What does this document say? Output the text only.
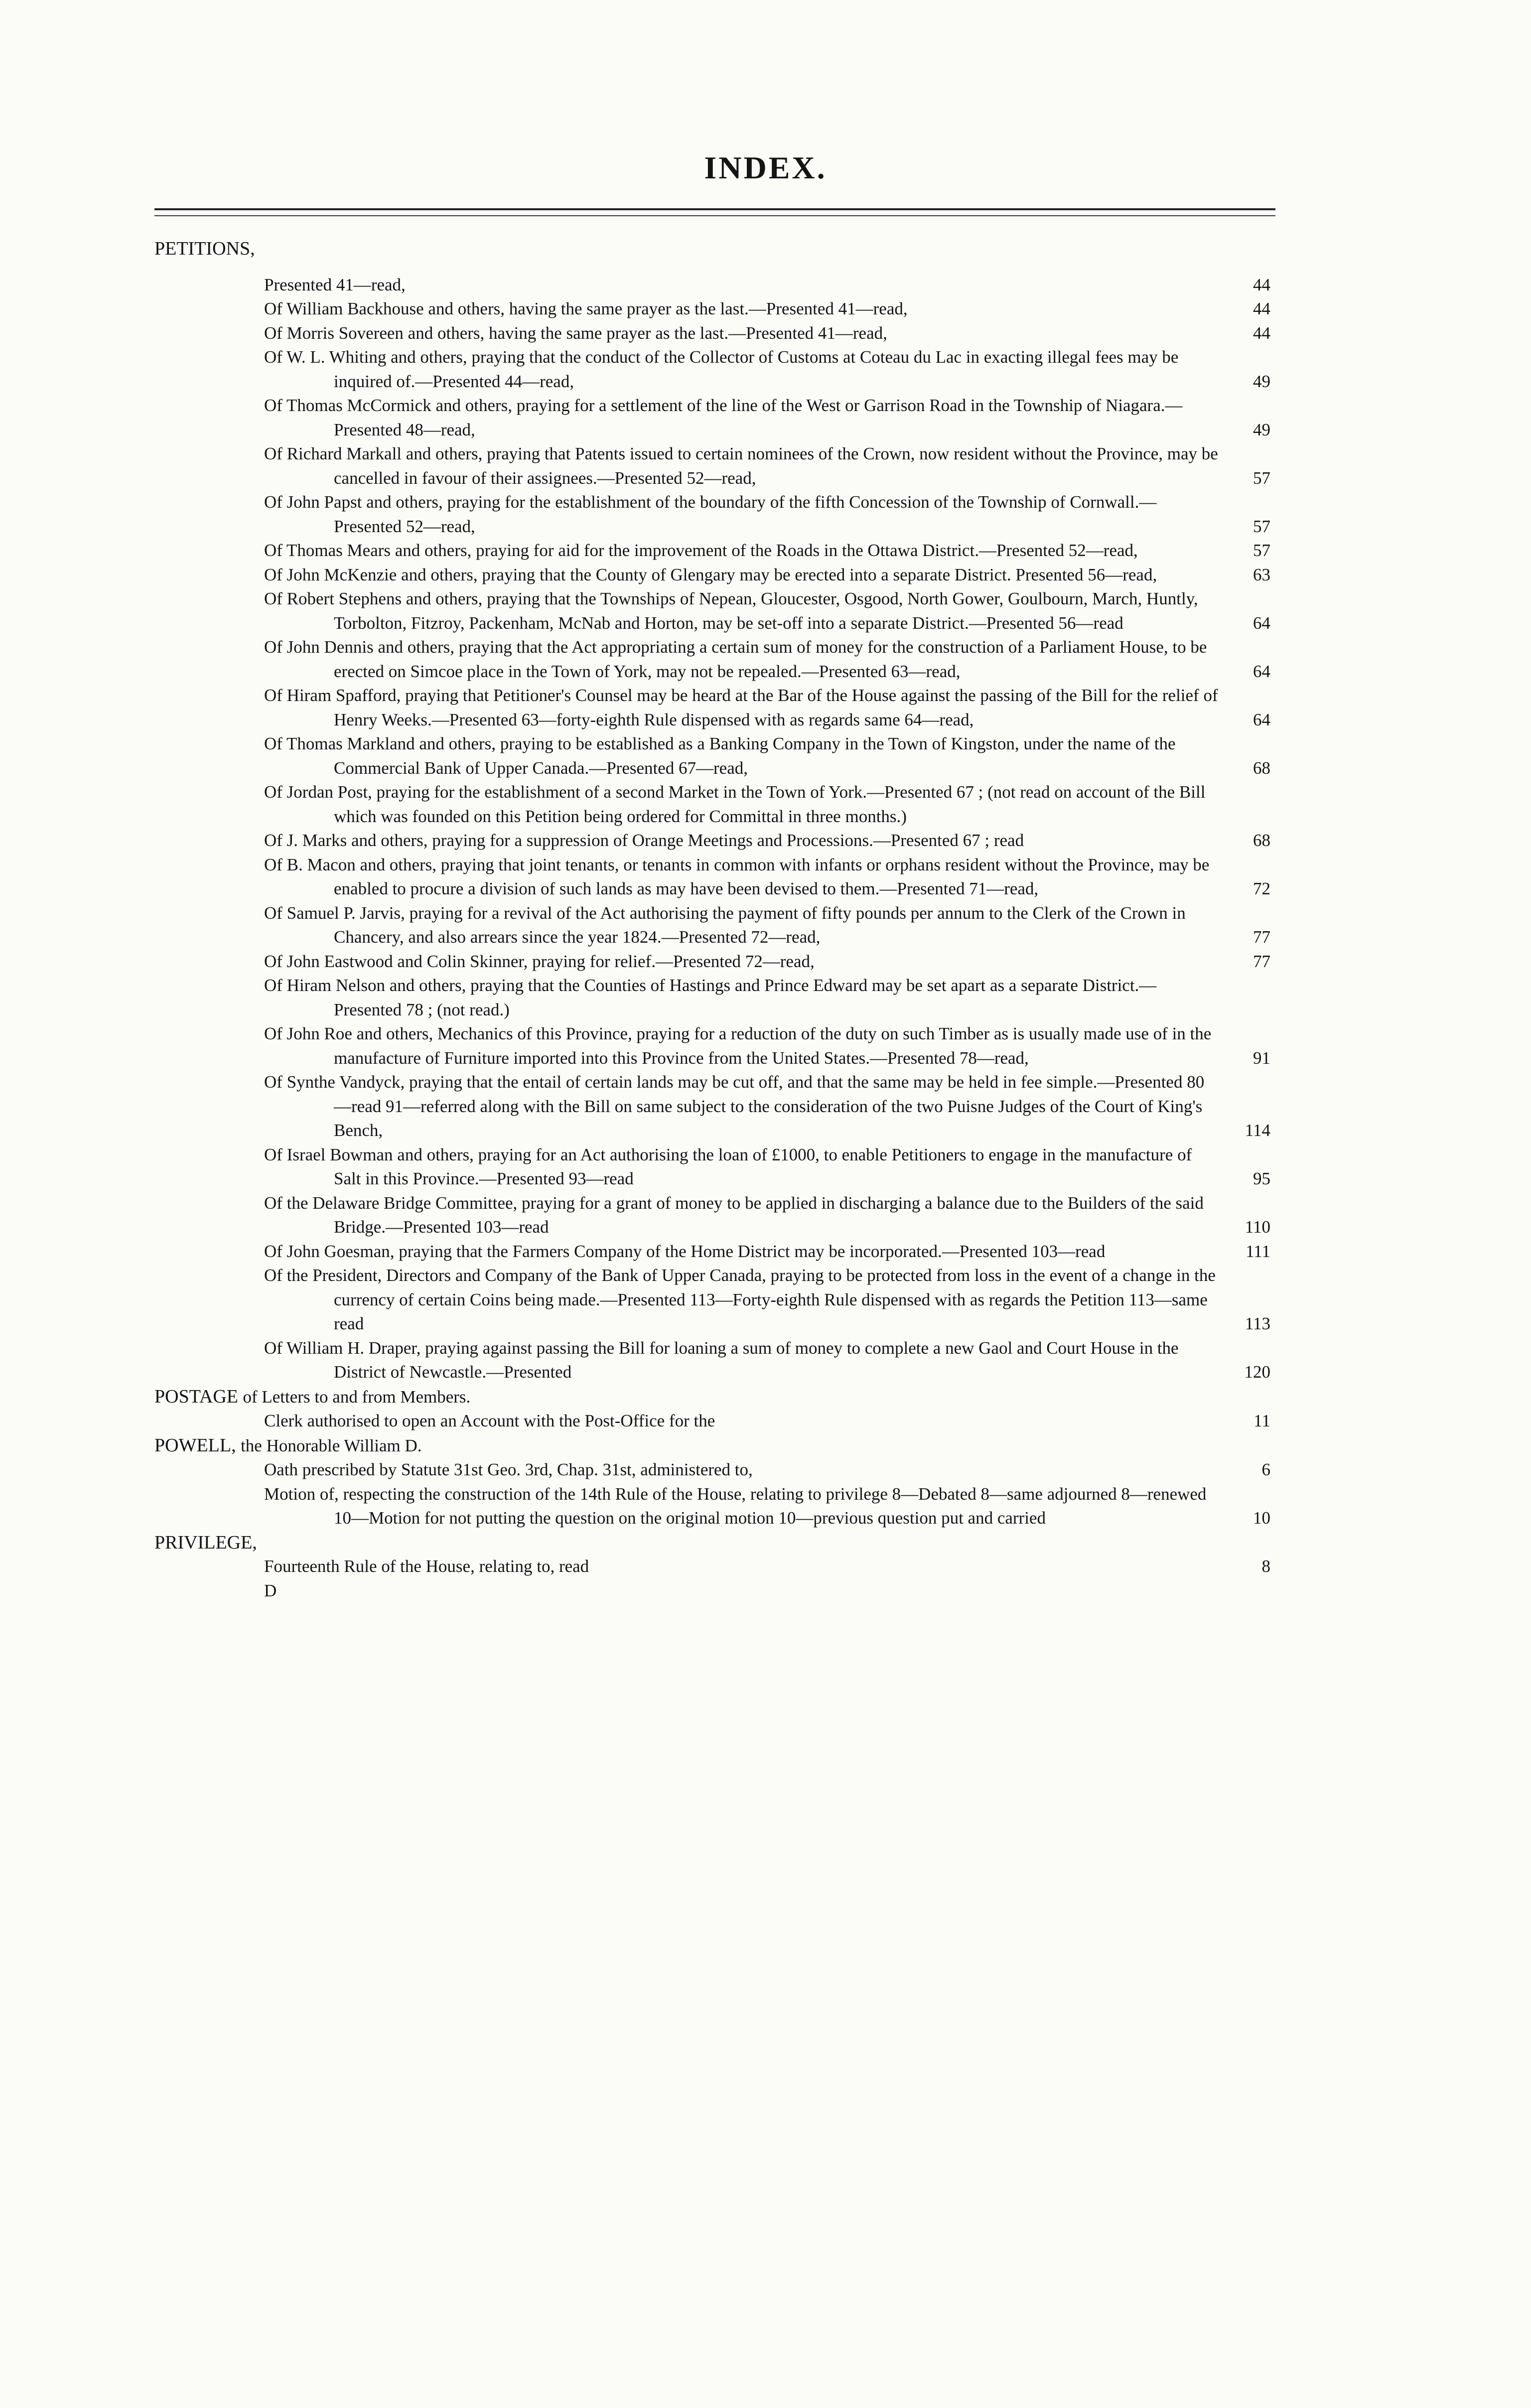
INDEX.
PETITIONS,
Presented 41—read,	44
Of William Backhouse and others, having the same prayer as the last.—Presented 41—read,	44
Of Morris Sovereen and others, having the same prayer as the last.—Presented 41—read,	44
Of W. L. Whiting and others, praying that the conduct of the Collector of Customs at Coteau du Lac in exacting illegal fees may be inquired of.—Presented 44—read,	49
Of Thomas McCormick and others, praying for a settlement of the line of the West or Garrison Road in the Township of Niagara.—Presented 48—read,	49
Of Richard Markall and others, praying that Patents issued to certain nominees of the Crown, now resident without the Province, may be cancelled in favour of their assignees.—Presented 52—read,	57
Of John Papst and others, praying for the establishment of the boundary of the fifth Concession of the Township of Cornwall.—Presented 52—read,	57
Of Thomas Mears and others, praying for aid for the improvement of the Roads in the Ottawa District.—Presented 52—read,	57
Of John McKenzie and others, praying that the County of Glengary may be erected into a separate District. Presented 56—read,	63
Of Robert Stephens and others, praying that the Townships of Nepean, Gloucester, Osgood, North Gower, Goulbourn, March, Huntly, Torbolton, Fitzroy, Packenham, McNab and Horton, may be set-off into a separate District.—Presented 56—read	64
Of John Dennis and others, praying that the Act appropriating a certain sum of money for the construction of a Parliament House, to be erected on Simcoe place in the Town of York, may not be repealed.—Presented 63—read,	64
Of Hiram Spafford, praying that Petitioner's Counsel may be heard at the Bar of the House against the passing of the Bill for the relief of Henry Weeks.—Presented 63—forty-eighth Rule dispensed with as regards same 64—read,	64
Of Thomas Markland and others, praying to be established as a Banking Company in the Town of Kingston, under the name of the Commercial Bank of Upper Canada.—Presented 67—read,	68
Of Jordan Post, praying for the establishment of a second Market in the Town of York.—Presented 67 ; (not read on account of the Bill which was founded on this Petition being ordered for Committal in three months.)
Of J. Marks and others, praying for a suppression of Orange Meetings and Processions.—Presented 67 ; read	68
Of B. Macon and others, praying that joint tenants, or tenants in common with infants or orphans resident without the Province, may be enabled to procure a division of such lands as may have been devised to them.—Presented 71—read,	72
Of Samuel P. Jarvis, praying for a revival of the Act authorising the payment of fifty pounds per annum to the Clerk of the Crown in Chancery, and also arrears since the year 1824.—Presented 72—read,	77
Of John Eastwood and Colin Skinner, praying for relief.—Presented 72—read,	77
Of Hiram Nelson and others, praying that the Counties of Hastings and Prince Edward may be set apart as a separate District.—Presented 78 ; (not read.)
Of John Roe and others, Mechanics of this Province, praying for a reduction of the duty on such Timber as is usually made use of in the manufacture of Furniture imported into this Province from the United States.—Presented 78—read,	91
Of Synthe Vandyck, praying that the entail of certain lands may be cut off, and that the same may be held in fee simple.—Presented 80—read 91—referred along with the Bill on same subject to the consideration of the two Puisne Judges of the Court of King's Bench,	114
Of Israel Bowman and others, praying for an Act authorising the loan of £1000, to enable Petitioners to engage in the manufacture of Salt in this Province.—Presented 93—read	95
Of the Delaware Bridge Committee, praying for a grant of money to be applied in discharging a balance due to the Builders of the said Bridge.—Presented 103—read	110
Of John Goesman, praying that the Farmers Company of the Home District may be incorporated.—Presented 103—read	111
Of the President, Directors and Company of the Bank of Upper Canada, praying to be protected from loss in the event of a change in the currency of certain Coins being made.—Presented 113—Forty-eighth Rule dispensed with as regards the Petition 113—same read	113
Of William H. Draper, praying against passing the Bill for loaning a sum of money to complete a new Gaol and Court House in the District of Newcastle.—Presented	120
POSTAGE of Letters to and from Members.
Clerk authorised to open an Account with the Post-Office for the	11
POWELL, the Honorable William D.
Oath prescribed by Statute 31st Geo. 3rd, Chap. 31st, administered to,	6
Motion of, respecting the construction of the 14th Rule of the House, relating to privilege 8—Debated 8—same adjourned 8—renewed 10—Motion for not putting the question on the original motion 10—previous question put and carried	10
PRIVILEGE,
Fourteenth Rule of the House, relating to, read	8
D
